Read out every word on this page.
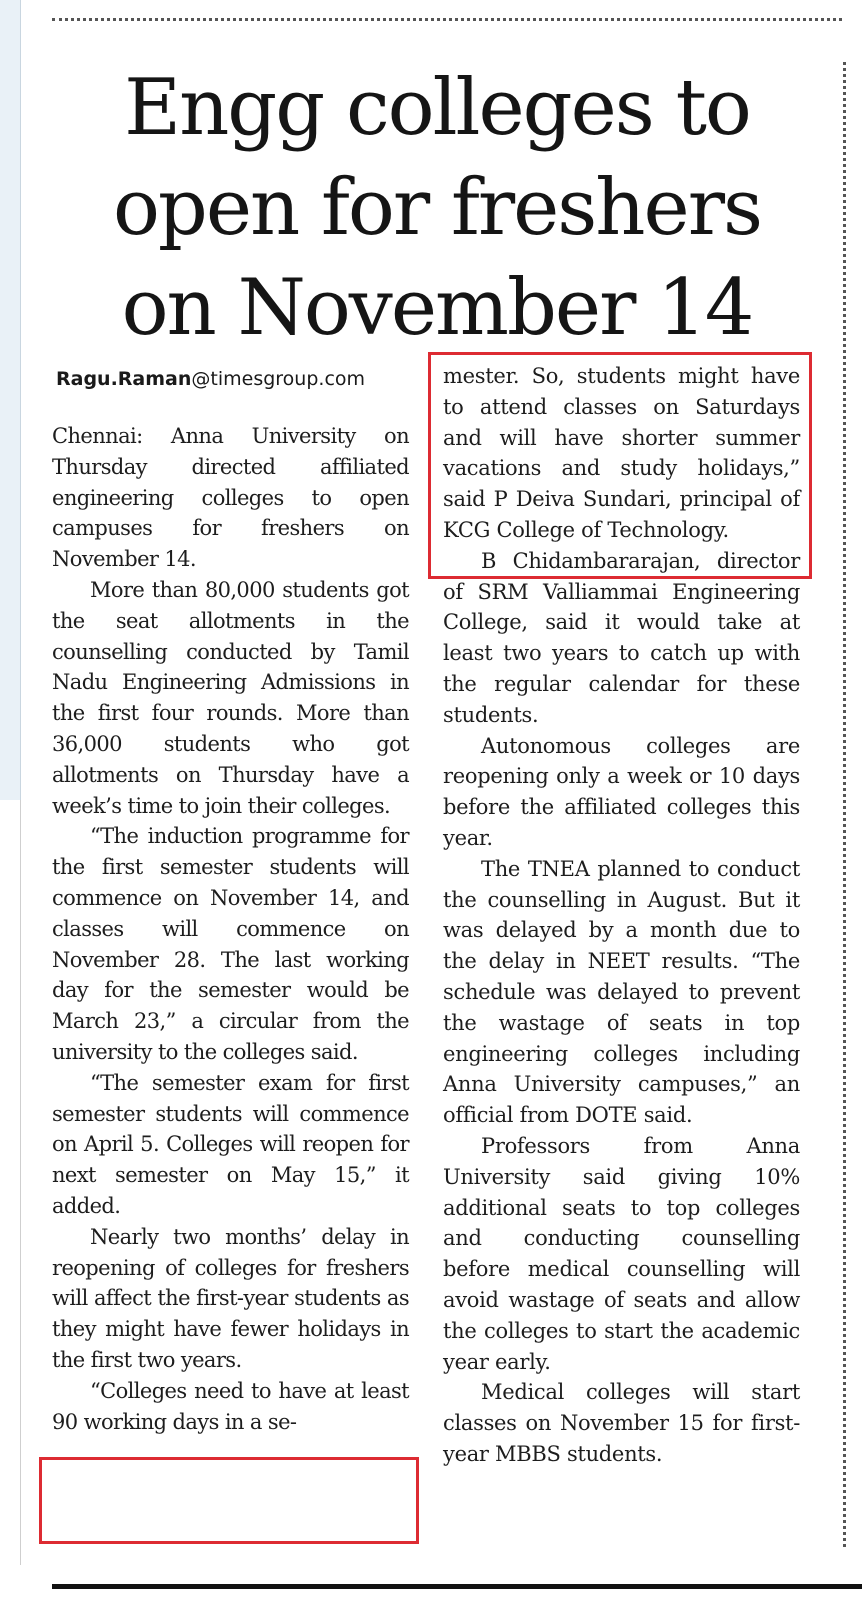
Engg colleges to
open for freshers
on November 14
Ragu.Raman@timesgroup.com

Chennai: Anna University on Thursday directed affiliated engineering colleges to open campuses for freshers on November 14.

More than 80,000 students got the seat allotments in the counselling conducted by Tamil Nadu Engineering Admissions in the first four rounds. More than 36,000 students who got allotments on Thursday have a week’s time to join their colleges.

“The induction programme for the first semester students will commence on November 14, and classes will commence on November 28. The last working day for the semester would be March 23,” a circular from the university to the colleges said.

“The semester exam for first semester students will commence on April 5. Colleges will reopen for next semester on May 15,” it added.

Nearly two months’ delay in reopening of colleges for freshers will affect the first-year students as they might have fewer holidays in the first two years.

“Colleges need to have at least 90 working days in a se-

mester. So, students might have to attend classes on Saturdays and will have shorter summer vacations and study holidays,” said P Deiva Sundari, principal of KCG College of Technology.

B Chidambararajan, director of SRM Valliammai Engineering College, said it would take at least two years to catch up with the regular calendar for these students.

Autonomous colleges are reopening only a week or 10 days before the affiliated colleges this year.

The TNEA planned to conduct the counselling in August. But it was delayed by a month due to the delay in NEET results. “The schedule was delayed to prevent the wastage of seats in top engineering colleges including Anna University campuses,” an official from DOTE said.

Professors from Anna University said giving 10% additional seats to top colleges and conducting counselling before medical counselling will avoid wastage of seats and allow the colleges to start the academic year early.

Medical colleges will start classes on November 15 for first-year MBBS students.
